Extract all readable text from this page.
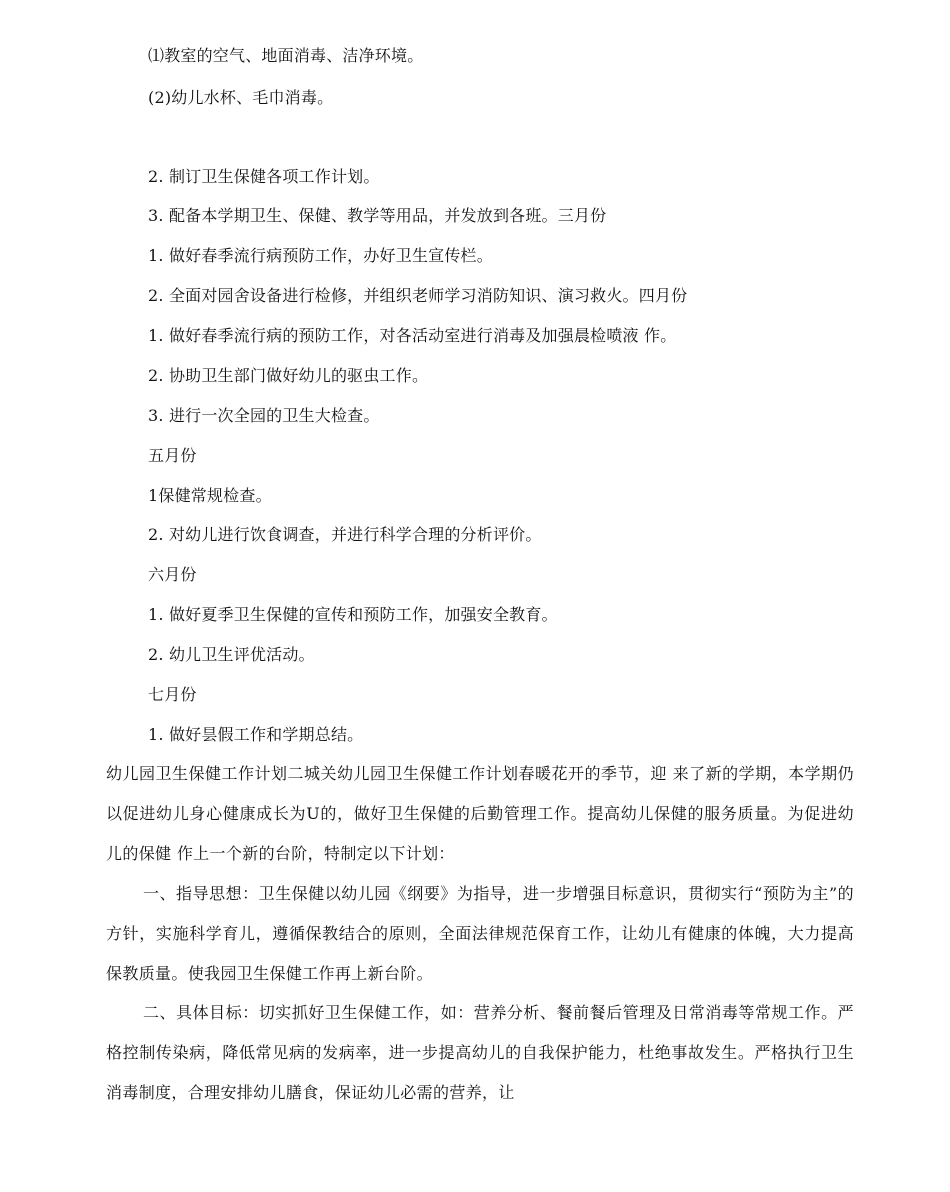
⑴教室的空气、地面消毒、洁净环境。
(2)幼儿水杯、毛巾消毒。
2. 制订卫生保健各项工作计划。
3. 配备本学期卫生、保健、教学等用品，并发放到各班。三月份
1. 做好春季流行病预防工作，办好卫生宣传栏。
2. 全面对园舍设备进行检修，并组织老师学习消防知识、演习救火。四月份
1. 做好春季流行病的预防工作，对各活动室进行消毒及加强晨检喷液 作。
2. 协助卫生部门做好幼儿的驱虫工作。
3. 进行一次全园的卫生大检查。
五月份
1保健常规检查。
2. 对幼儿进行饮食调查，并进行科学合理的分析评价。
六月份
1. 做好夏季卫生保健的宣传和预防工作，加强安全教育。
2. 幼儿卫生评优活动。
七月份
1. 做好昙假工作和学期总结。
幼儿园卫生保健工作计划二城关幼儿园卫生保健工作计划春暖花开的季节，迎 来了新的学期，本学期仍以促进幼儿身心健康成长为U的，做好卫生保健的后勤管理工作。提高幼儿保健的服务质量。为促进幼儿的保健 作上一个新的台阶，特制定以下计划：
一、指导思想：卫生保健以幼儿园《纲要》为指导，进一步增强目标意识，贯彻实行“预防为主”的方针，实施科学育儿，遵循保教结合的原则，全面法律规范保育工作，让幼儿有健康的体魄，大力提高保教质量。使我园卫生保健工作再上新台阶。
二、具体目标：切实抓好卫生保健工作，如：营养分析、餐前餐后管理及日常消毒等常规工作。严格控制传染病，降低常见病的发病率，进一步提高幼儿的自我保护能力，杜绝事故发生。严格执行卫生消毒制度，合理安排幼儿膳食，保证幼儿必需的营养，让
